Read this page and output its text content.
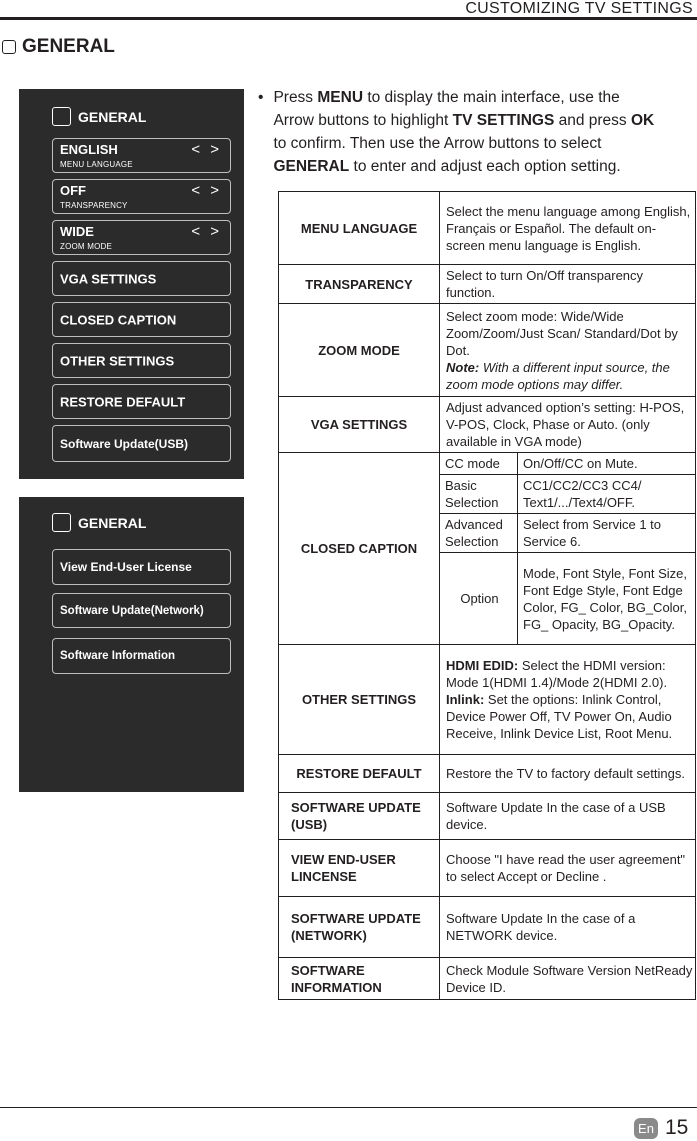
CUSTOMIZING TV SETTINGS
GENERAL
GENERAL
ENGLISH	< >
MENU LANGUAGE
OFF	< >
TRANSPARENCY
WIDE	< >
ZOOM MODE
VGA SETTINGS
CLOSED CAPTION
OTHER SETTINGS
RESTORE DEFAULT
Software Update(USB)
GENERAL
View End-User License
Software Update(Network)
Software Information
• Press MENU to display the main interface, use the Arrow buttons to highlight TV SETTINGS and press OK to confirm. Then use the Arrow buttons to select GENERAL to enter and adjust each option setting.

MENU LANGUAGE	Select the menu language among English, Français or Español. The default on-screen menu language is English.	
TRANSPARENCY	Select to turn On/Off transparency function.	
ZOOM MODE	Select zoom mode: Wide/Wide Zoom/Zoom/Just Scan/ Standard/Dot by Dot.
Note: With a different input source, the zoom mode options may differ.	
VGA SETTINGS	Adjust advanced option’s setting: H-POS, V-POS, Clock, Phase or Auto. (only available in VGA mode)	
CLOSED CAPTION	CC mode	On/Off/CC on Mute.
	Basic Selection	CC1/CC2/CC3 CC4/ Text1/.../Text4/OFF.
	Advanced Selection	Select from Service 1 to Service 6.
	Option	Mode, Font Style, Font Size, Font Edge Style, Font Edge Color, FG_ Color, BG_Color, FG_ Opacity, BG_Opacity.
OTHER SETTINGS	HDMI EDID: Select the HDMI version: Mode 1(HDMI 1.4)/Mode 2(HDMI 2.0).
Inlink: Set the options: Inlink Control, Device Power Off, TV Power On, Audio Receive, Inlink Device List, Root Menu.	
RESTORE DEFAULT	Restore the TV to factory default settings.	
SOFTWARE UPDATE (USB)	Software Update In the case of a USB device.	
VIEW END-USER LINCENSE	Choose "I have read the user agreement" to select Accept or Decline .	
SOFTWARE UPDATE (NETWORK)	Software Update In the case of a NETWORK device.	
SOFTWARE INFORMATION	Check Module Software Version NetReady Device ID.	
En 15
